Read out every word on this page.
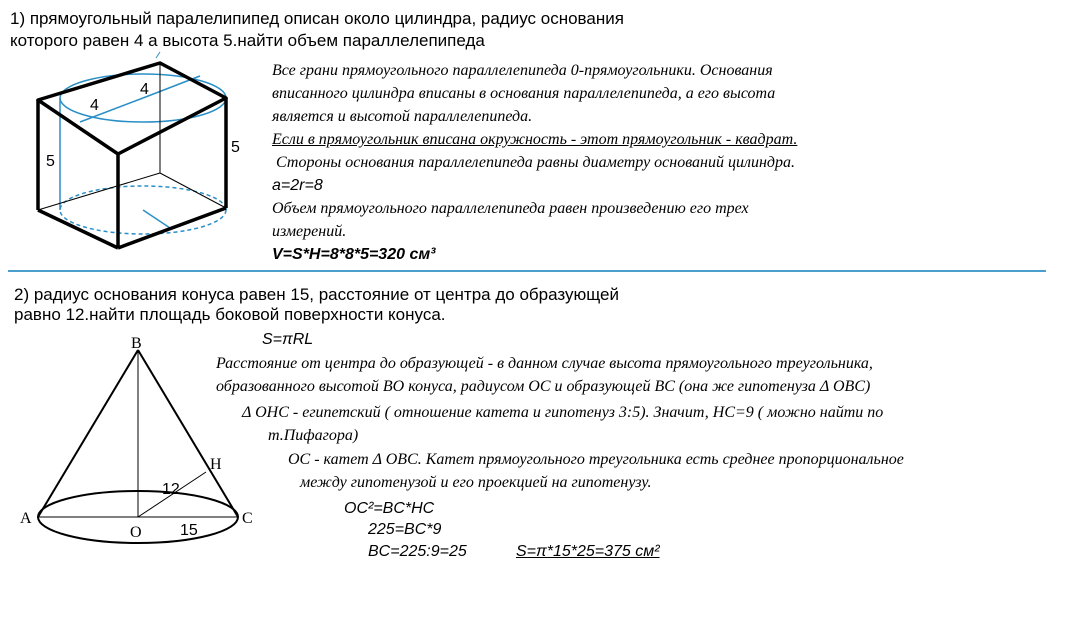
1) прямоугольный паралелипипед описан около цилиндра, радиус основания
которого равен 4 а высота 5.найти объем параллелепипеда
4
4
5
5
Все грани прямоугольного параллелепипеда 0-прямоугольники. Основания
вписанного цилиндра вписаны в основания параллелепипеда, а его высота
является и высотой параллелепипеда.
Если в прямоугольник вписана окружность - этот прямоугольник - квадрат.
Стороны основания параллелепипеда равны диаметру оснований цилиндра.
a=2r=8
Объем прямоугольного параллелепипеда равен произведению его трех
измерений.
V=S*H=8*8*5=320 см³
2) радиус основания конуса равен 15, расстояние от центра до образующей
равно 12.найти площадь боковой поверхности конуса.
B
H
A	C
O
12
15
S=πRL
Расстояние от центра до образующей - в данном случае высота прямоугольного треугольника,
образованного высотой BO конуса, радиусом OC и образующей BC (она же гипотенуза Δ OBC)
Δ OHC - египетский ( отношение катета и гипотенуз 3:5). Значит, HC=9 ( можно найти по
т.Пифагора)
OC - катет Δ OBC. Катет прямоугольного треугольника есть среднее пропорциональное
между гипотенузой и его проекцией на гипотенузу.
OC²=BC*HC
225=BC*9
BC=225:9=25	S=π*15*25=375 см²
